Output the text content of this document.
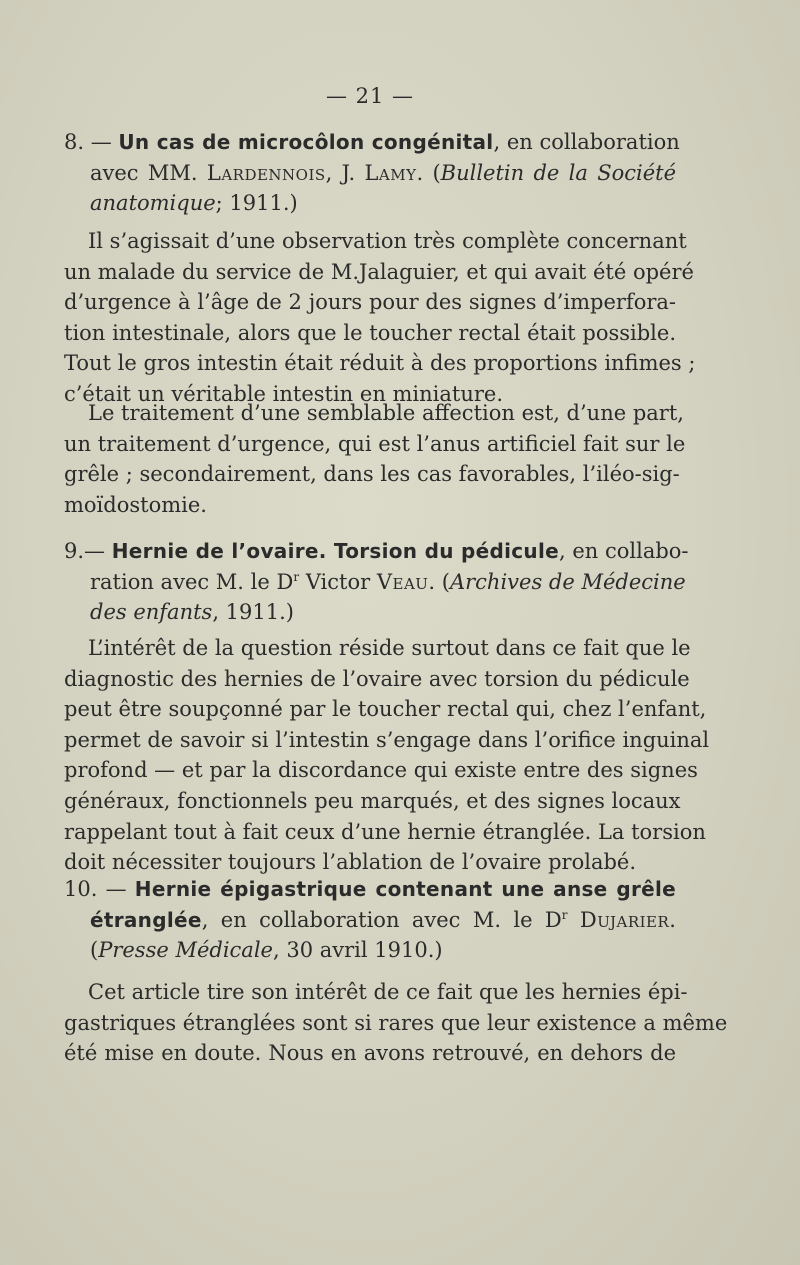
— 21 —
8. — Un cas de microcôlon congénital, en collaboration
avec MM. Lardennois, J. Lamy. (Bulletin de la Société
anatomique; 1911.)
Il s’agissait d’une observation très complète concernant
un malade du service de M.Jalaguier, et qui avait été opéré
d’urgence à l’âge de 2 jours pour des signes d’imperfora-
tion intestinale, alors que le toucher rectal était possible.
Tout le gros intestin était réduit à des proportions infimes ;
c’était un véritable intestin en miniature.
Le traitement d’une semblable affection est, d’une part,
un traitement d’urgence, qui est l’anus artificiel fait sur le
grêle ; secondairement, dans les cas favorables, l’iléo-sig-
moïdostomie.
9.— Hernie de l’ovaire. Torsion du pédicule, en collabo-
ration avec M. le $D^r$ Victor Veau. (Archives de Médecine
des enfants, 1911.)
L’intérêt de la question réside surtout dans ce fait que le
diagnostic des hernies de l’ovaire avec torsion du pédicule
peut être soupçonné par le toucher rectal qui, chez l’enfant,
permet de savoir si l’intestin s’engage dans l’orifice inguinal
profond — et par la discordance qui existe entre des signes
généraux, fonctionnels peu marqués, et des signes locaux
rappelant tout à fait ceux d’une hernie étranglée. La torsion
doit nécessiter toujours l’ablation de l’ovaire prolabé.
10. — Hernie épigastrique contenant une anse grêle
étranglée, en collaboration avec M. le $D^r$ Dujarier.
(Presse Médicale, 30 avril 1910.)
Cet article tire son intérêt de ce fait que les hernies épi-
gastriques étranglées sont si rares que leur existence a même
été mise en doute. Nous en avons retrouvé, en dehors de
